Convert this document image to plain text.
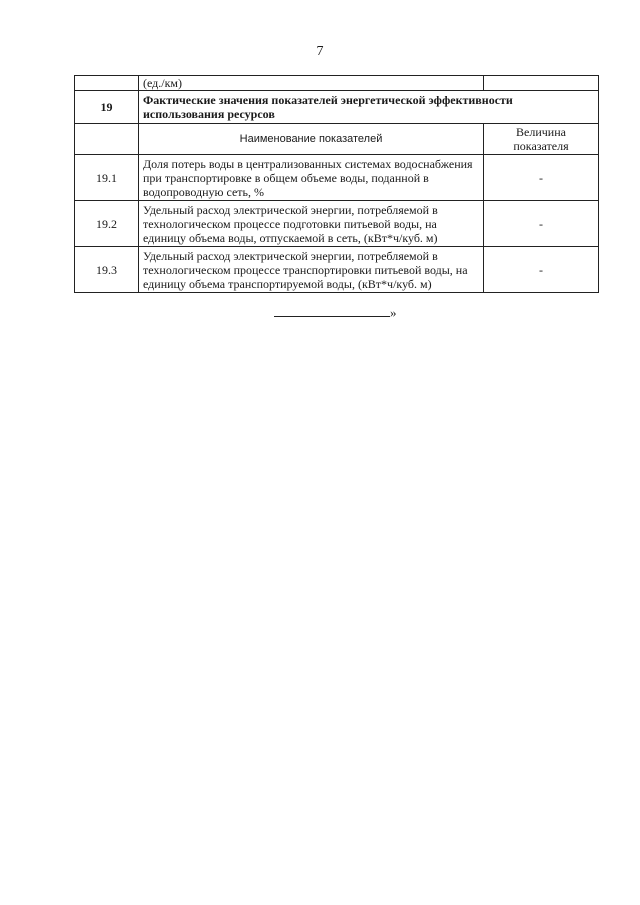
7
	(ед./км)	
19	Фактические значения показателей энергетической эффективности использования ресурсов	
	Наименование показателей	Величина показателя
19.1	Доля потерь воды в централизованных системах водоснабжения при транспортировке в общем объеме воды, поданной в водопроводную сеть, %	-
19.2	Удельный расход электрической энергии, потребляемой в технологическом процессе подготовки питьевой воды, на единицу объема воды, отпускаемой в сеть, (кВт*ч/куб. м)	-
19.3	Удельный расход электрической энергии, потребляемой в технологическом процессе транспортировки питьевой воды, на единицу объема транспортируемой воды, (кВт*ч/куб. м)	-
»
